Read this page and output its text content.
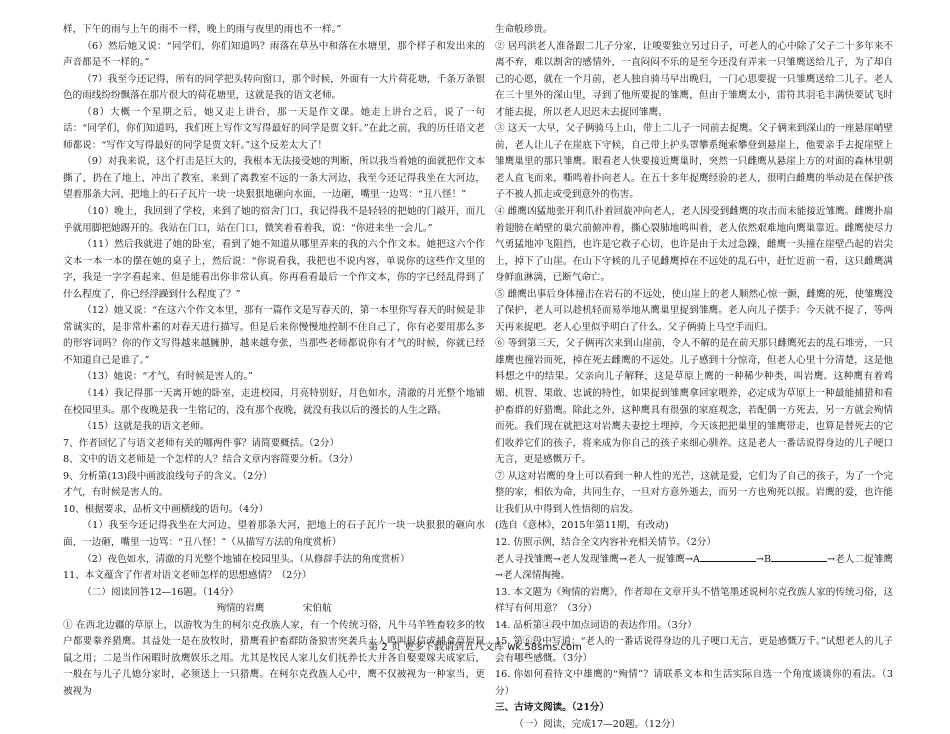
样，下午的雨与上午的雨不一样，晚上的雨与夜里的雨也不一样。”

（6）然后她又说：“同学们，你们知道吗？雨落在草丛中和落在水塘里，那个样子和发出来的声音都是不一样的。”

（7）我至今还记得，所有的同学把头转向窗口，那个时候，外面有一大片荷花塘，千条万条银色的雨线纷纷飘落在那片很大的荷花塘里，这就是我的语文老师。

（8）大概一个星期之后，她又走上讲台，那一天是作文课。她走上讲台之后，说了一句话：“同学们，你们知道吗，我们班上写作文写得最好的同学是贾文轩。”在此之前，我的历任语文老师都说：“写作文写得最好的同学是贾文轩。”这个反差太大了！

（9）对我来说，这个打击是巨大的，我根本无法接受她的判断，所以我当着她的面就把作文本撕了，扔在了地上，冲出了教室，来到了离教室不远的一条大河边，我至今还记得我坐在大河边，望着那条大河，把地上的石子瓦片一块一块狠狠地砸向水面，一边砸，嘴里一边骂：“丑八怪！”

（10）晚上，我回到了学校，来到了她的宿舍门口，我记得我不是轻轻的把她的门敲开，而几乎就用脚把她踢开的。我站在门口，站在门口，微笑着看着我，说：“你进来坐一会儿。”

（11）然后我就进了她的卧室，看到了她不知道从哪里弄来的我的六个作文本。她把这六个作文本一本一本的摆在她的桌子上，然后说：“你说看我，我把也不说内容，单说你的这些作文里的字，我是一字字看起来、但是能看出你非常认真。你再看看最后一个作文本，你的字已经乱得到了什么程度了，你已经浮躁到什么程度了？”

（12）她又说：“在这六个作文本里，那有一篇作文是写春天的，第一本里你写春天的时候是非常诚实的，是非常朴素的对春天进行描写。但是后来你慢慢地控制不住自己了，你有必要用那么多的形容词吗？你的作文写得越来越臃肿，越来越夸张，当那些老师都说你有才气的时候，你就已经不知道自己是谁了。”

（13）她说：“才气，有时候是害人的。”

（14）我记得那一天离开她的卧室，走进校园，月亮特别好，月色如水，清澈的月光整个地铺在校园里头。那个夜晚是我一生铭记的，没有那个夜晚，就没有我以后的漫长的人生之路。

（15）这就是我的语文老师。

7、作者回忆了与语文老师有关的哪两件事？请简要概括。（2分）

8、文中的语文老师是一个怎样的人？结合文章内容简要分析。（3分）

9、分析第(13)段中画波浪线句子的含义。（2分）

才气，有时候是害人的。

10、根据要求，品析文中画横线的语句。（4分）

（1）我至今还记得我坐在大河边，望着那条大河，把地上的石子瓦片一块一块狠狠的砸向水面，一边砸，嘴里一边骂：“丑八怪！”（从描写方法的角度赏析）

（2）夜色如水，清澈的月光整个地铺在校园里头。（从修辞手法的角度赏析）

11、本文蕴含了作者对语文老师怎样的思想感情？（2分）

（二）阅读回答12—16题。（14分）

殉情的岩鹰　　　　	宋伯航

① 在西北边疆的草原上，以游牧为生的柯尔克孜族人家，有一个传统习俗，凡牛马羊牲畜较多的牧户都要豢养猎鹰。其益处一是在放牧时，猎鹰看护畜群防备狼害突袭兵士人鸣叫报信或捕食草原鼠鼠之用；二是当作闲暇时放鹰娱乐之用。尤其是牧民人家儿女们抚养长大并各自娶要嫁夫成家后，一般在与儿子儿媳分家时，必须送上一只猎鹰。在柯尔克孜族人心中，鹰不仅被视为一种家当，更被视为

生命般珍贵。

② 居玛洪老人准备跟二儿子分家，让唆要独立另过日子，可老人的心中除了父子二十多年来不离不弃，难以割舍的感情外，一直闷闷不乐的是至今还没有弄来一只雏鹰送给儿子，为了却自己的心愿，就在一个月前，老人独自骑马早出晚归，一门心思要捉一只雏鹰送给二儿子。老人在三十里外的深山里，寻到了他所要捉的雏鹰，但由于雏鹰太小，雷符其羽毛丰满快要试飞时才能去捉，所以老人迟迟未去捉回雏鹰。

③ 这天一大早，父子俩骑马上山，带上二儿子一同前去捉鹰。父子俩来到深山的一座悬崖峭壁前，老人让儿子在崖底下守候，自己带上护头罩攀系绳索攀登到悬崖上，他要亲手去捉崖壁上雏鹰巢里的那只雏鹰。眼看老人快要接近鹰巢时，突然一只雌鹰从悬崖上方的对面的森林里朝老人直飞而来，嘶鸣着扑向老人。在五十多年捉鹰经验的老人，很明白雌鹰的举动是在保护孩子不被人抓走或受到意外的伤害。

④ 雌鹰凶猛地张开利爪扑着回旋冲向老人，老人因受到雌鹰的攻击而未能接近雏鹰。雌鹰扑扇着翅膀在峭壁的巢穴前俯冲着，撕心裂肺地鸣叫着，老人依然艰难地向鹰巢靠近。雌鹰使尽力气勇猛地冲飞阻挡，也许是它救子心切，也许是由于太过急躁，雌鹰一头撞在崖壁凸起的岩尖上，掉下了山崖。在山下守候的儿子见雌鹰掉在不远处的乱石中，赶忙近前一看，这只雌鹰满身鲜血淋漓，已断气命亡。

⑤ 雌鹰出事后身体撞击在岩石的不远处，使山崖上的老人顺然心惊一颤，雌鹰的死，使雏鹰没了保护，老人可以趁机轻而易举地从鹰巢里捉到雏鹰。老人向儿子摆手：今天就不捉了，等两天再来捉吧。老人心里似乎明白了什么。父子俩骑上马空手而归。

⑥ 等到第三天，父子俩再次来到山崖前，令人不解的是在前天那只雌鹰死去的乱石堆旁，一只雄鹰也撞岩而死，掉在死去雌鹰的不远处。儿子感到十分惊奇，但老人心里十分清楚，这是他料想之中的结果。父亲向儿子解释，这是草原上鹰的一种稀少种类，叫岩鹰。这种鹰有着鸡媚、机智、果敢、忠诚的特性，如果捉到雏鹰拿回家喂养，必定成为草原上一种最能捕猎和看护畜群的好猎鹰。除此之外，这种鹰具有很强的家庭观念，若配偶一方死去，另一方就会殉情而死。我们现在就把这对岩鹰夫妻挖土埋掉，今天该把把巢里的雏鹰带走，也算是替死去的它们收养它们的孩子，将来成为你自己的孩子来细心驯养。这是老人一番话说得身边的儿子哽口无言，更是感慨万千。

⑦ 从这对岩鹰的身上可以看到一种人性的光芒，这就是爱，它们为了自己的孩子，为了一个完整的家，相依为命，共同生存，一旦对方意外逝去，而另一方也殉死以报。岩鹰的爱，也许能让我们从中得到人性悟彻的启发。

(选自《意林》，2015年第11期，有改动)

12. 仿照示例，结合全文内容补充相关情节。（2分）

老人寻找雏鹰→老人发现雏鹰→老人一捉雏鹰→A	→B	→老人二捉雏鹰→老人深情掏掩。

13. 本文题为《殉情的岩鹰》，作者却在文章开头不惜笔墨述说柯尔克孜族人家的传统习俗，这样写有何用意？（3分）

14. 品析第④段中加点词语的表达作用。（3分）

15. 第⑥段中写道：“老人的一番话说得身边的儿子哽口无言，更是感慨万千。”试想老人的儿子会有哪些感慨。（3分）

16. 你如何看待文中雄鹰的“殉情”？请联系文本和生活实际自选一个角度谈谈你的看法。（3分）

三、古诗文阅读。（21分）

（一）阅读，完成17—20题。（12分）

第 2 页 更多下载请到五八文库 wk.58sms.com
